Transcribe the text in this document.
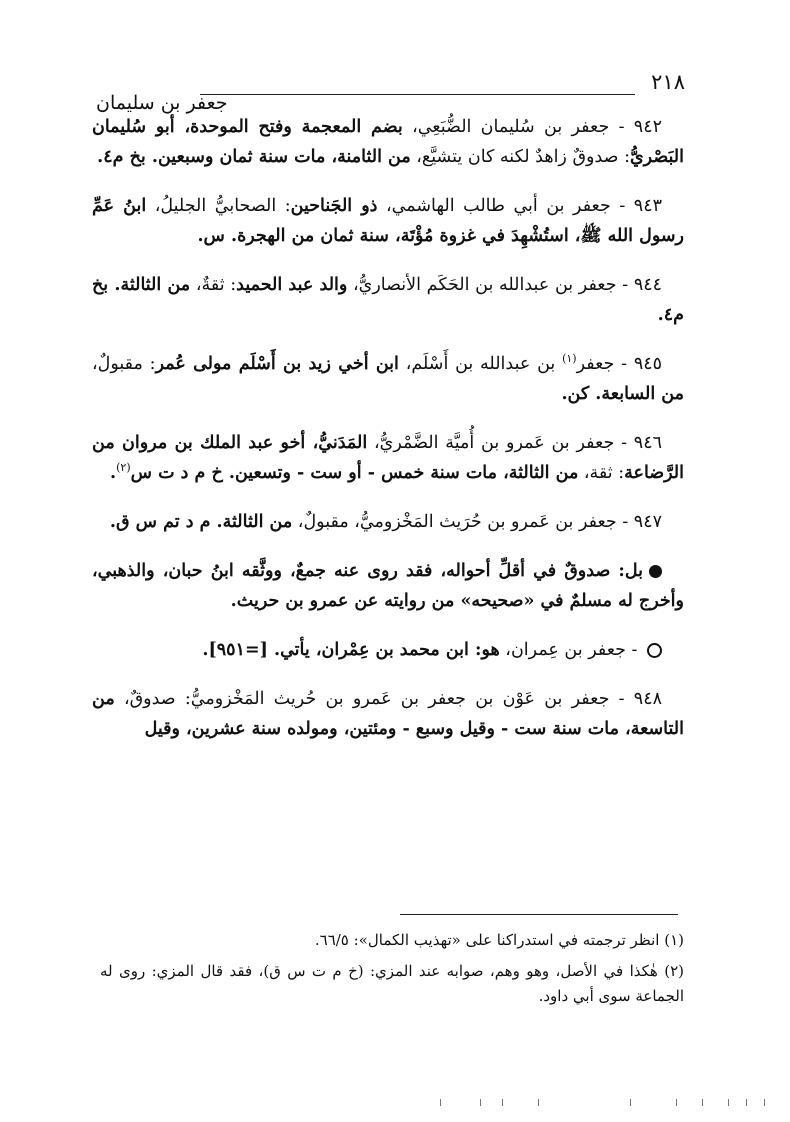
٢١٨
جعفر بن سليمان

٩٤٢ - جعفر بن سُليمان الضُّبَعِي، بضم المعجمة وفتح الموحدة، أبو سُليمان البَصْريُّ: صدوقٌ زاهدٌ لكنه كان يتشيَّع، من الثامنة، مات سنة ثمان وسبعين. بخ م٤.

٩٤٣ - جعفر بن أبي طالب الهاشمي، ذو الجَناحين: الصحابيُّ الجليلُ، ابنُ عَمِّ رسول الله ﷺ، استُشْهِدَ في غزوة مُؤْتَة، سنة ثمان من الهجرة. س.

٩٤٤ - جعفر بن عبدالله بن الحَكَم الأنصاريُّ، والد عبد الحميد: ثقةٌ، من الثالثة. بخ م٤.

٩٤٥ - جعفر$^{(١)}$ بن عبدالله بن أَسْلَم، ابن أخي زيد بن أَسْلَم مولى عُمر: مقبولٌ، من السابعة. كن.

٩٤٦ - جعفر بن عَمرو بن أُميَّة الضَّمْريُّ، المَدَنيُّ، أخو عبد الملك بن مروان من الرَّضاعة: ثقة، من الثالثة، مات سنة خمس - أو ست - وتسعين. خ م د ت س$^{(٢)}$.

٩٤٧ - جعفر بن عَمرو بن حُرَيث المَخْزوميُّ، مقبولٌ، من الثالثة. م د تم س ق.

بل: صدوقٌ في أقلِّ أحواله، فقد روى عنه جمعٌ، ووثَّقه ابنُ حبان، والذهبي، وأخرج له مسلمٌ في «صحيحه» من روايته عن عمرو بن حريث.

- جعفر بن عِمران، هو: ابن محمد بن عِمْران، يأتي. [=٩٥١].

٩٤٨ - جعفر بن عَوْن بن جعفر بن عَمرو بن حُريث المَخْزوميُّ: صدوقٌ، من التاسعة، مات سنة ست - وقيل وسبع - ومئتين، ومولده سنة عشرين، وقيل

(١) انظر ترجمته في استدراكنا على «تهذيب الكمال»: ٦٦/٥.
(٢) هٰكذا في الأصل، وهو وهم، صوابه عند المزي: (خ م ت س ق)، فقد قال المزي: روى له الجماعة سوى أبي داود.
